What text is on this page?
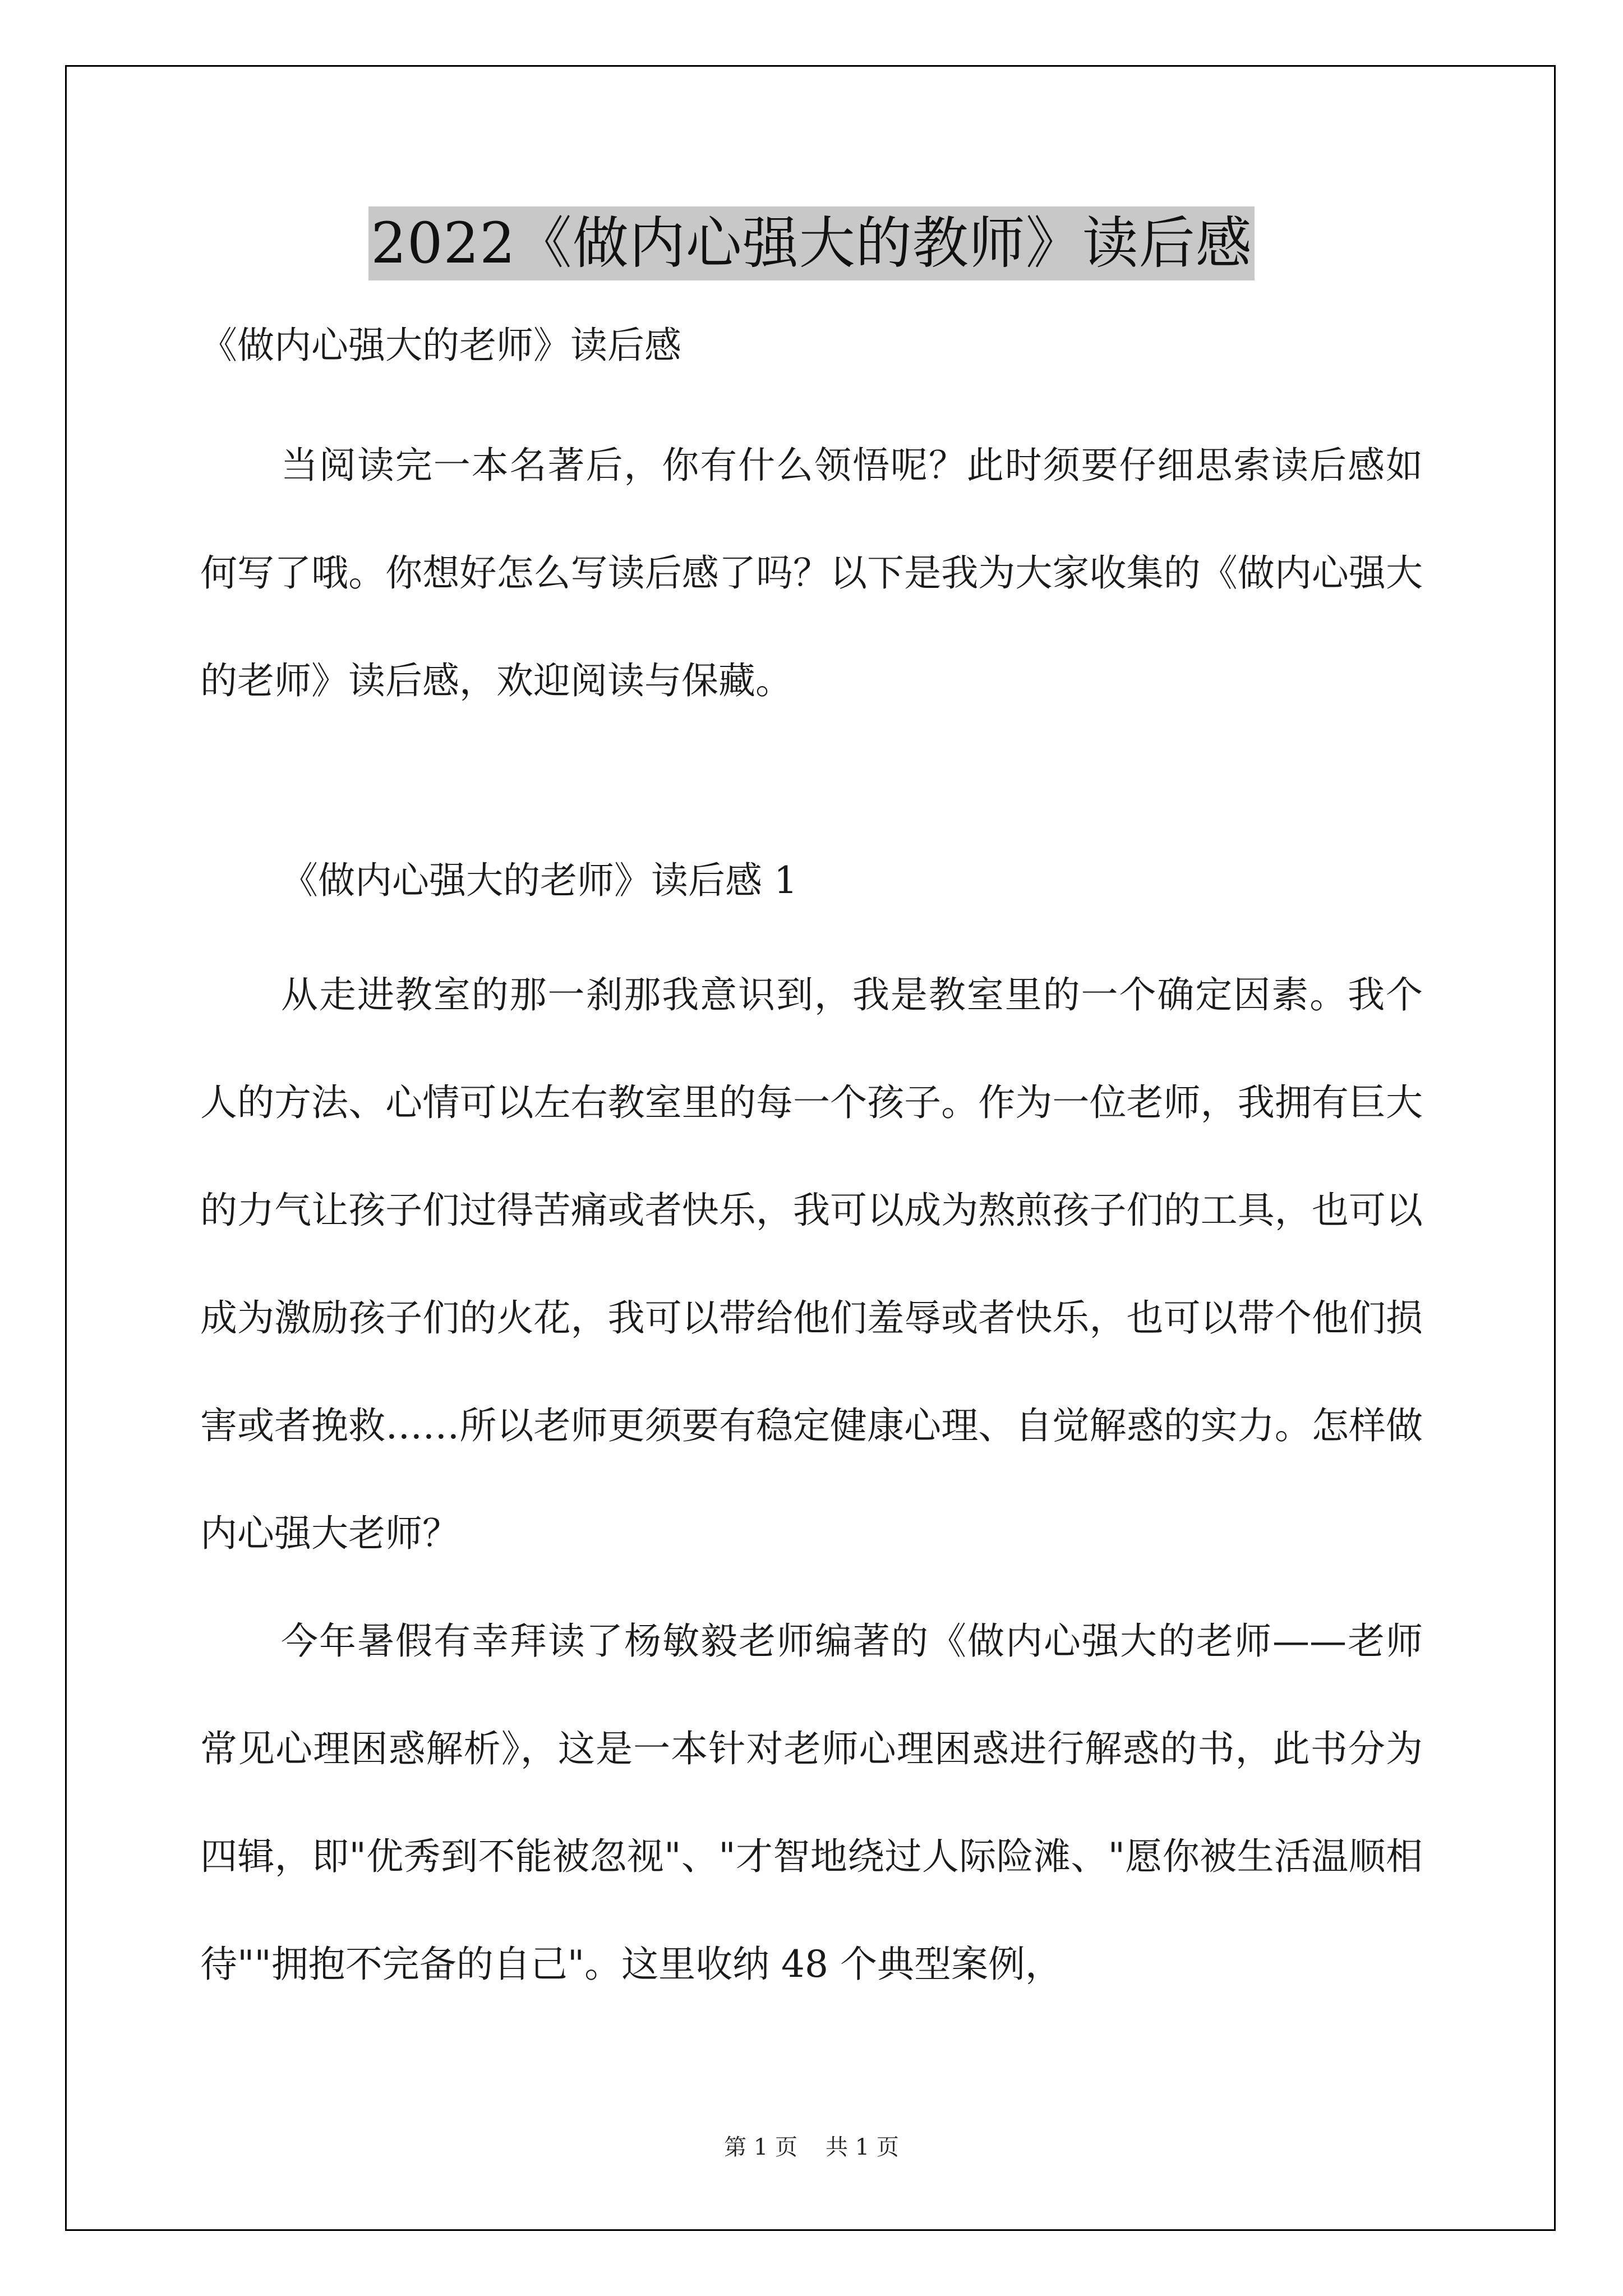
2022《做内心强大的教师》读后感

《做内心强大的老师》读后感

当阅读完一本名著后，你有什么领悟呢？此时须要仔细思索读后感如何写了哦。你想好怎么写读后感了吗？以下是我为大家收集的《做内心强大的老师》读后感，欢迎阅读与保藏。

《做内心强大的老师》读后感 1

从走进教室的那一刹那我意识到，我是教室里的一个确定因素。我个人的方法、心情可以左右教室里的每一个孩子。作为一位老师，我拥有巨大的力气让孩子们过得苦痛或者快乐，我可以成为熬煎孩子们的工具，也可以成为激励孩子们的火花，我可以带给他们羞辱或者快乐，也可以带个他们损害或者挽救……所以老师更须要有稳定健康心理、自觉解惑的实力。怎样做内心强大老师？

今年暑假有幸拜读了杨敏毅老师编著的《做内心强大的老师——老师常见心理困惑解析》，这是一本针对老师心理困惑进行解惑的书，此书分为四辑，即"优秀到不能被忽视"、"才智地绕过人际险滩、"愿你被生活温顺相待""拥抱不完备的自己"。这里收纳 48 个典型案例，

第 1 页 共 1 页
